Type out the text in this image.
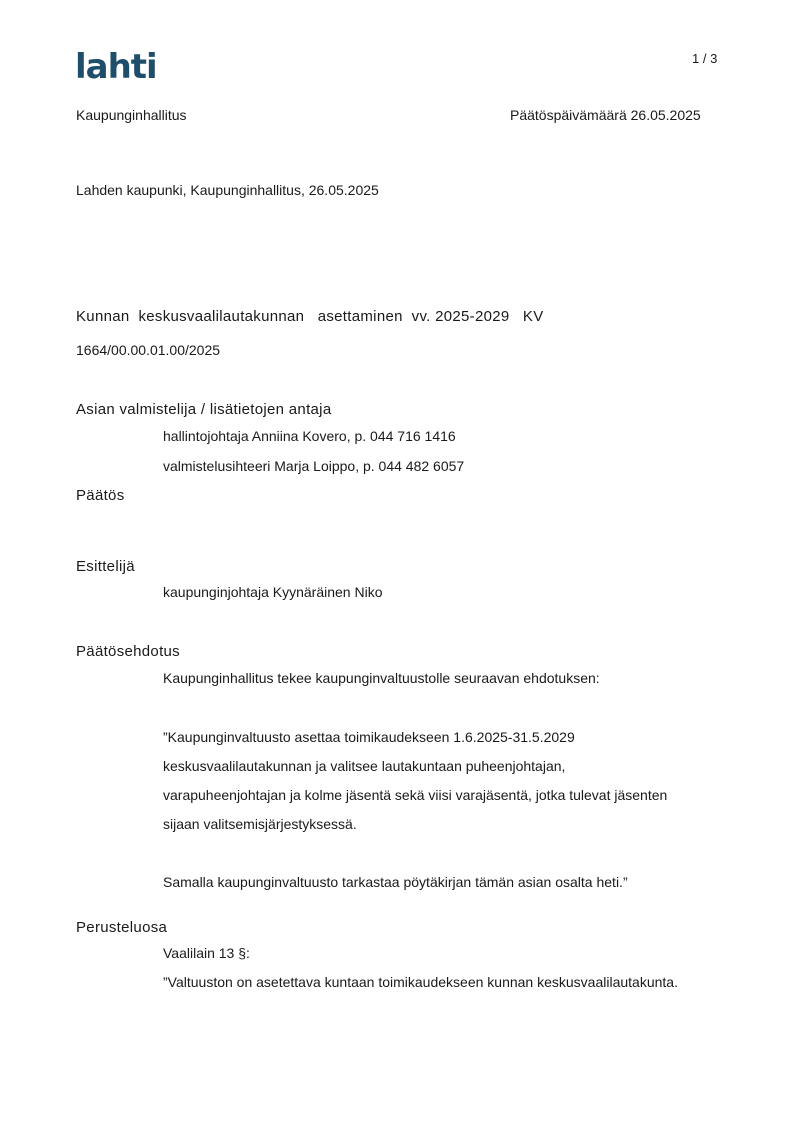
lahti	1 / 3
Kaupunginhallitus	Päätöspäivämäärä 26.05.2025
Lahden kaupunki, Kaupunginhallitus, 26.05.2025
Kunnan  keskusvaalilautakunnan   asettaminen  vv. 2025-2029   KV
1664/00.00.01.00/2025
Asian valmistelija / lisätietojen antaja
hallintojohtaja Anniina Kovero, p. 044 716 1416
valmistelusihteeri Marja Loippo, p. 044 482 6057
Päätös
Esittelijä
kaupunginjohtaja Kyynäräinen Niko
Päätösehdotus
Kaupunginhallitus tekee kaupunginvaltuustolle seuraavan ehdotuksen:
”Kaupunginvaltuusto asettaa toimikaudekseen 1.6.2025-31.5.2029
keskusvaalilautakunnan ja valitsee lautakuntaan puheenjohtajan,
varapuheenjohtajan ja kolme jäsentä sekä viisi varajäsentä, jotka tulevat jäsenten
sijaan valitsemisjärjestyksessä.
Samalla kaupunginvaltuusto tarkastaa pöytäkirjan tämän asian osalta heti.”
Perusteluosa
Vaalilain 13 §:
”Valtuuston on asetettava kuntaan toimikaudekseen kunnan keskusvaalilautakunta.
